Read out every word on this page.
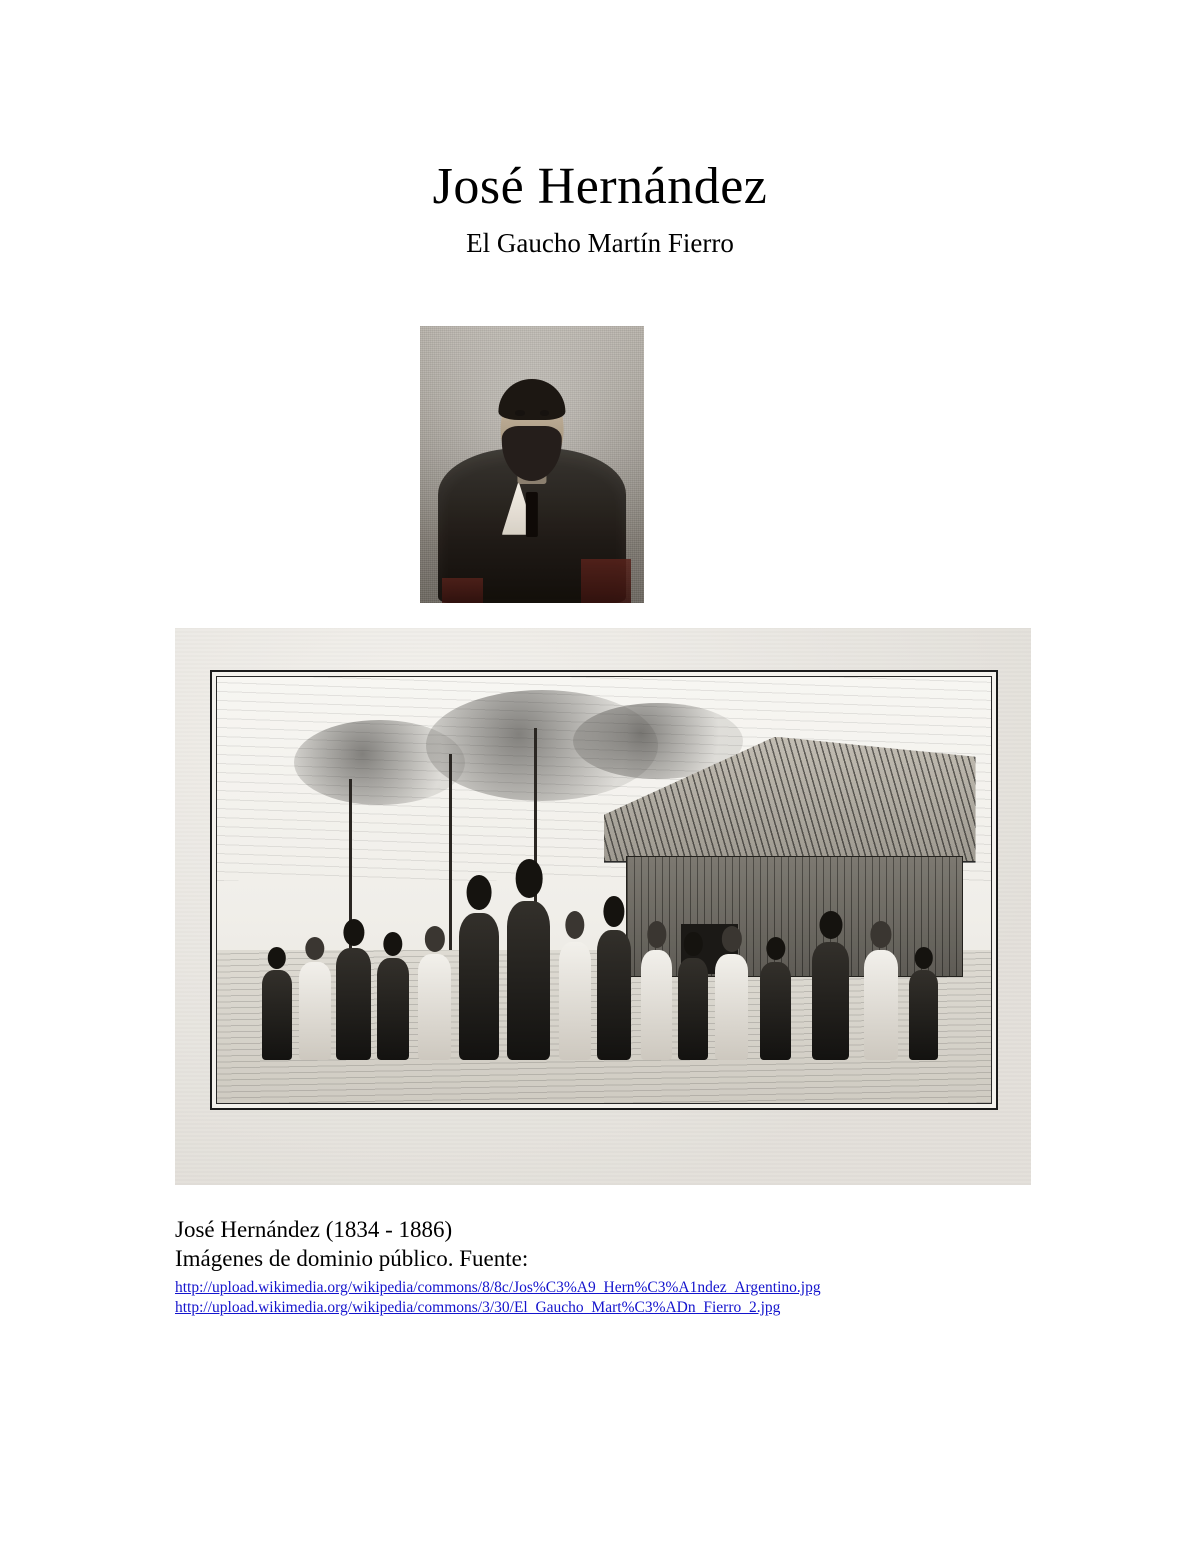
José Hernández

El Gaucho Martín Fierro

José Hernández (1834 - 1886)

Imágenes de dominio público. Fuente:

http://upload.wikimedia.org/wikipedia/commons/8/8c/Jos%C3%A9_Hern%C3%A1ndez_Argentino.jpg
http://upload.wikimedia.org/wikipedia/commons/3/30/El_Gaucho_Mart%C3%ADn_Fierro_2.jpg
